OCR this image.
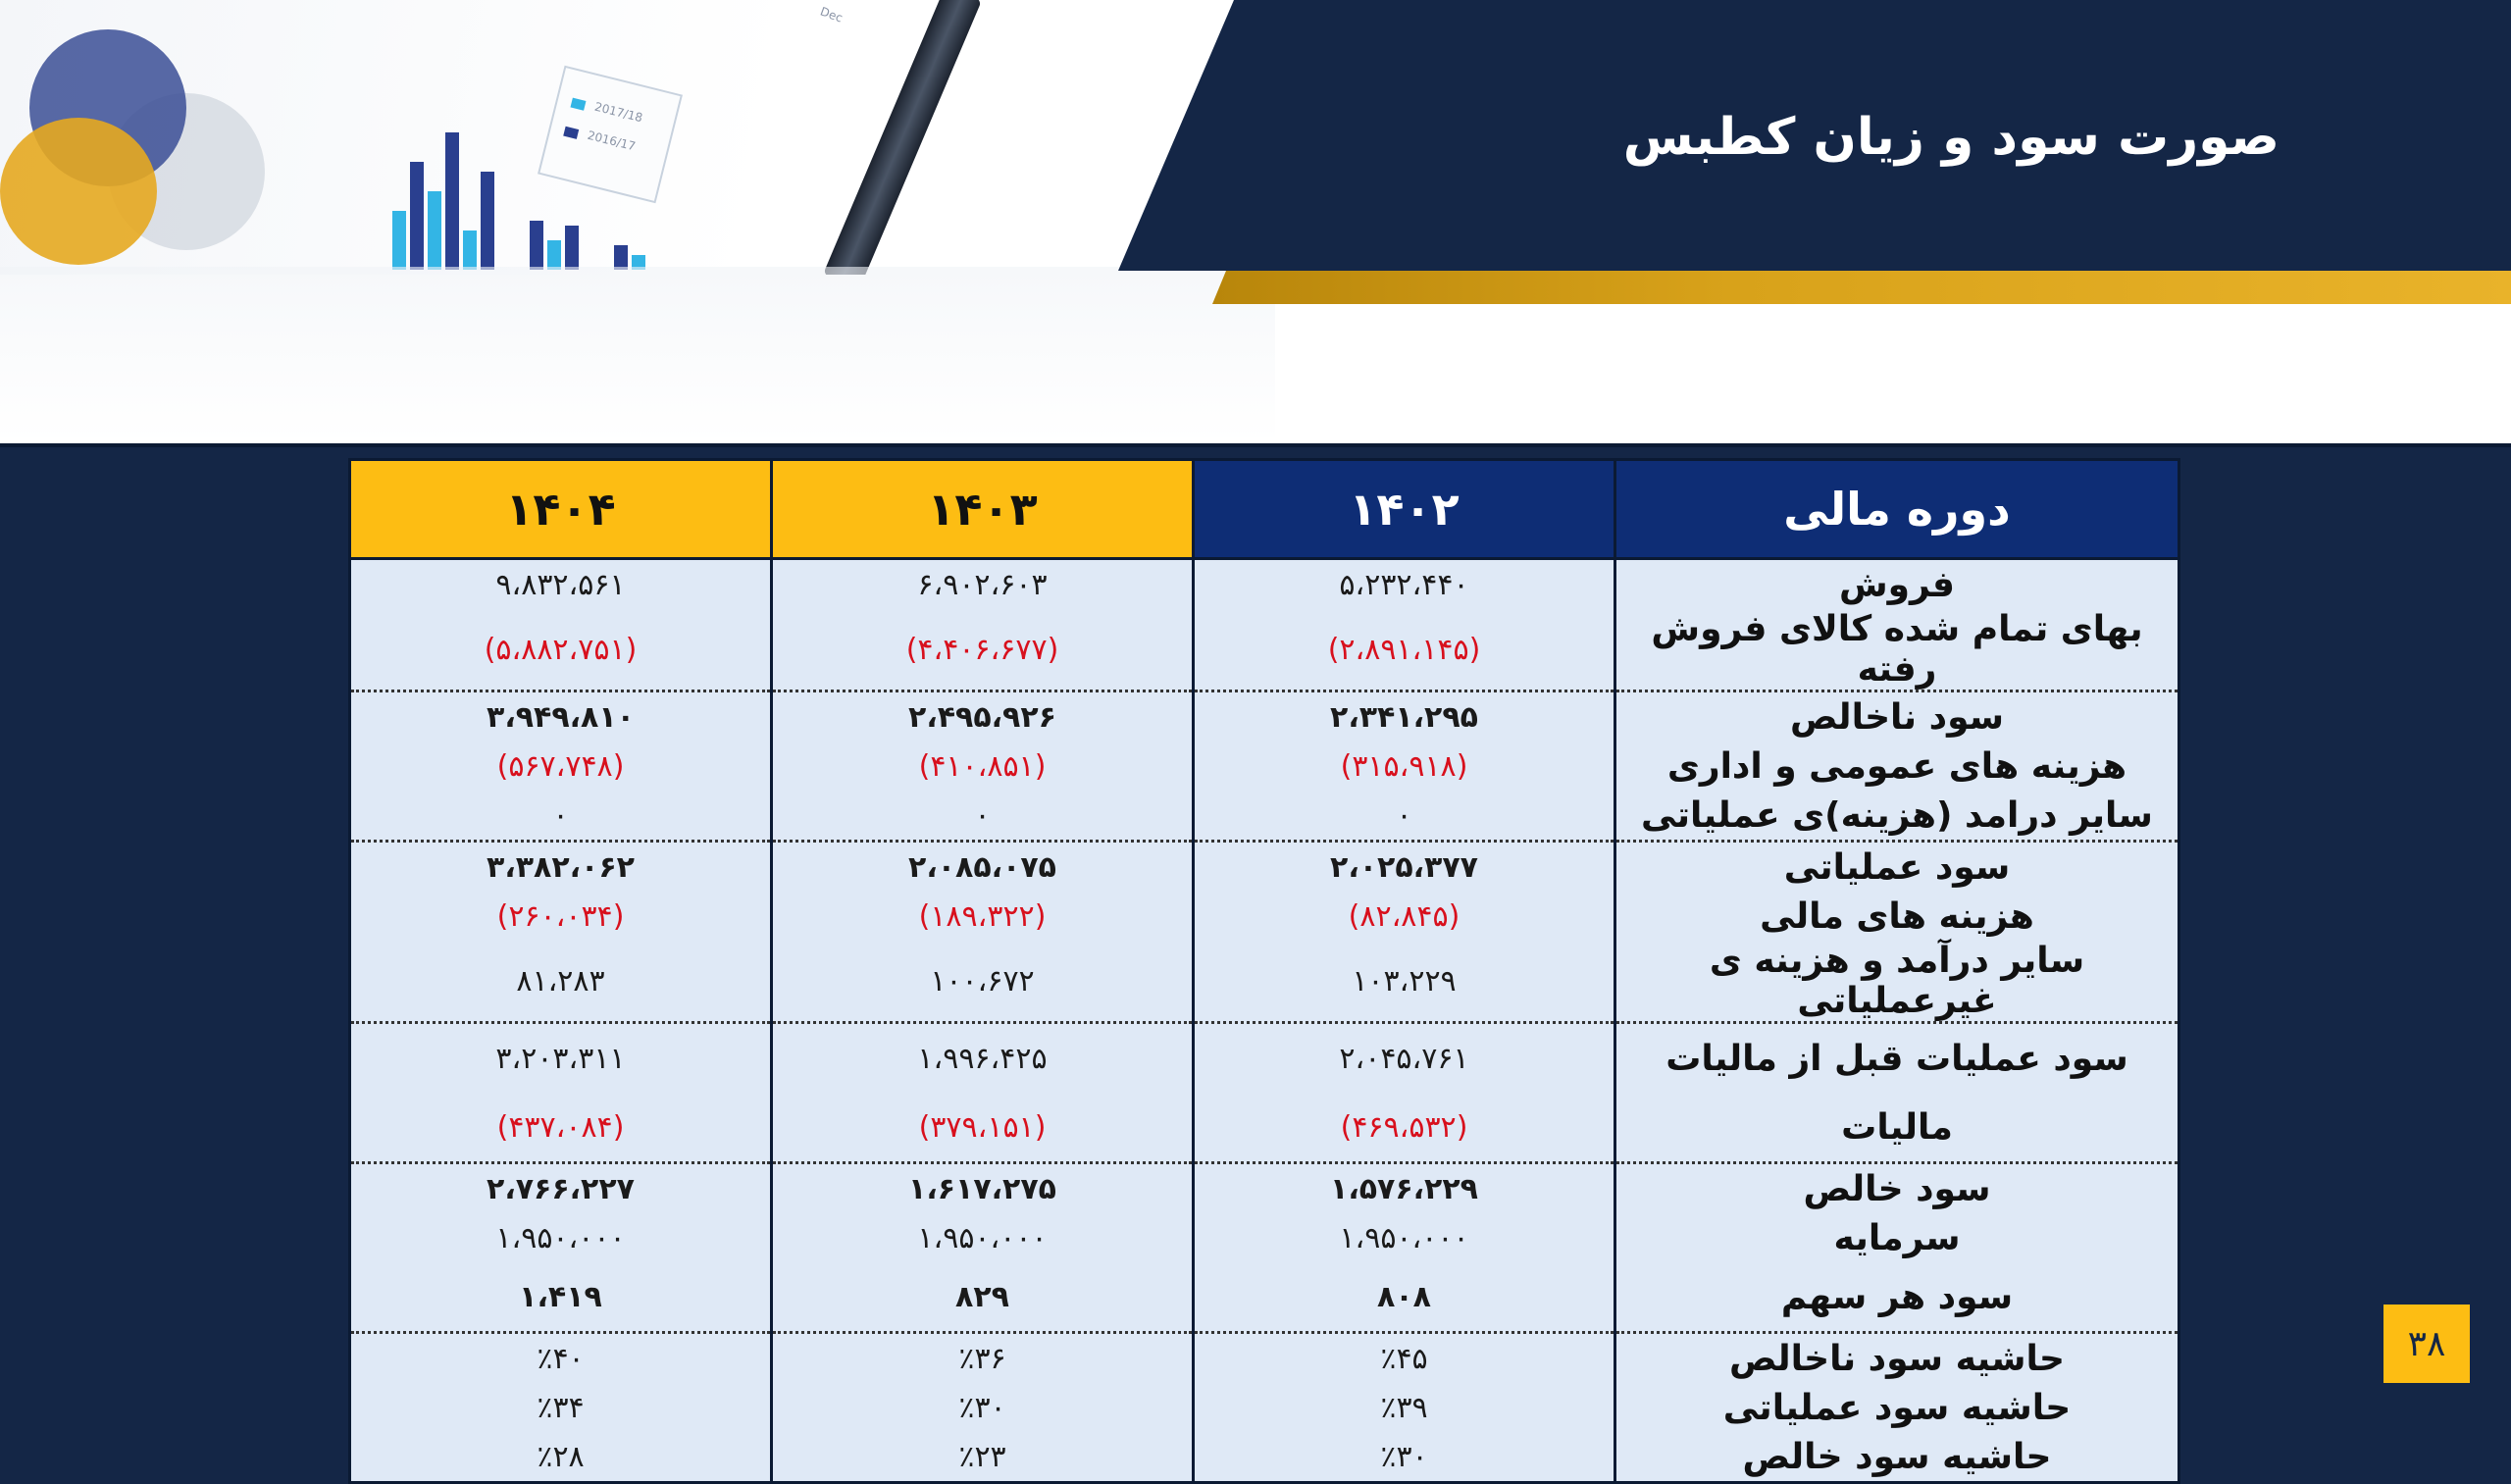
2017/18
2016/17
Dec
صورت سود و زیان کطبس
دوره مالی	۱۴۰۲	۱۴۰۳	۱۴۰۴
فروش	۵،۲۳۲،۴۴۰	۶،۹۰۲،۶۰۳	۹،۸۳۲،۵۶۱
بهای تمام شده کالای فروش رفته	(۲،۸۹۱،۱۴۵)	(۴،۴۰۶،۶۷۷)	(۵،۸۸۲،۷۵۱)
سود ناخالص	۲،۳۴۱،۲۹۵	۲،۴۹۵،۹۲۶	۳،۹۴۹،۸۱۰
هزینه های عمومی و اداری	(۳۱۵،۹۱۸)	(۴۱۰،۸۵۱)	(۵۶۷،۷۴۸)
سایر درامد (هزینه)ی عملیاتی	۰	۰	۰
سود عملیاتی	۲،۰۲۵،۳۷۷	۲،۰۸۵،۰۷۵	۳،۳۸۲،۰۶۲
هزینه های مالی	(۸۲،۸۴۵)	(۱۸۹،۳۲۲)	(۲۶۰،۰۳۴)
سایر درآمد و هزینه ی غیرعملیاتی	۱۰۳،۲۲۹	۱۰۰،۶۷۲	۸۱،۲۸۳
سود عملیات قبل از مالیات	۲،۰۴۵،۷۶۱	۱،۹۹۶،۴۲۵	۳،۲۰۳،۳۱۱
مالیات	(۴۶۹،۵۳۲)	(۳۷۹،۱۵۱)	(۴۳۷،۰۸۴)
سود خالص	۱،۵۷۶،۲۲۹	۱،۶۱۷،۲۷۵	۲،۷۶۶،۲۲۷
سرمایه	۱،۹۵۰،۰۰۰	۱،۹۵۰،۰۰۰	۱،۹۵۰،۰۰۰
سود هر سهم	۸۰۸	۸۲۹	۱،۴۱۹
حاشیه سود ناخالص	٪۴۵	٪۳۶	٪۴۰
حاشیه سود عملیاتی	٪۳۹	٪۳۰	٪۳۴
حاشیه سود خالص	٪۳۰	٪۲۳	٪۲۸
۳۸
